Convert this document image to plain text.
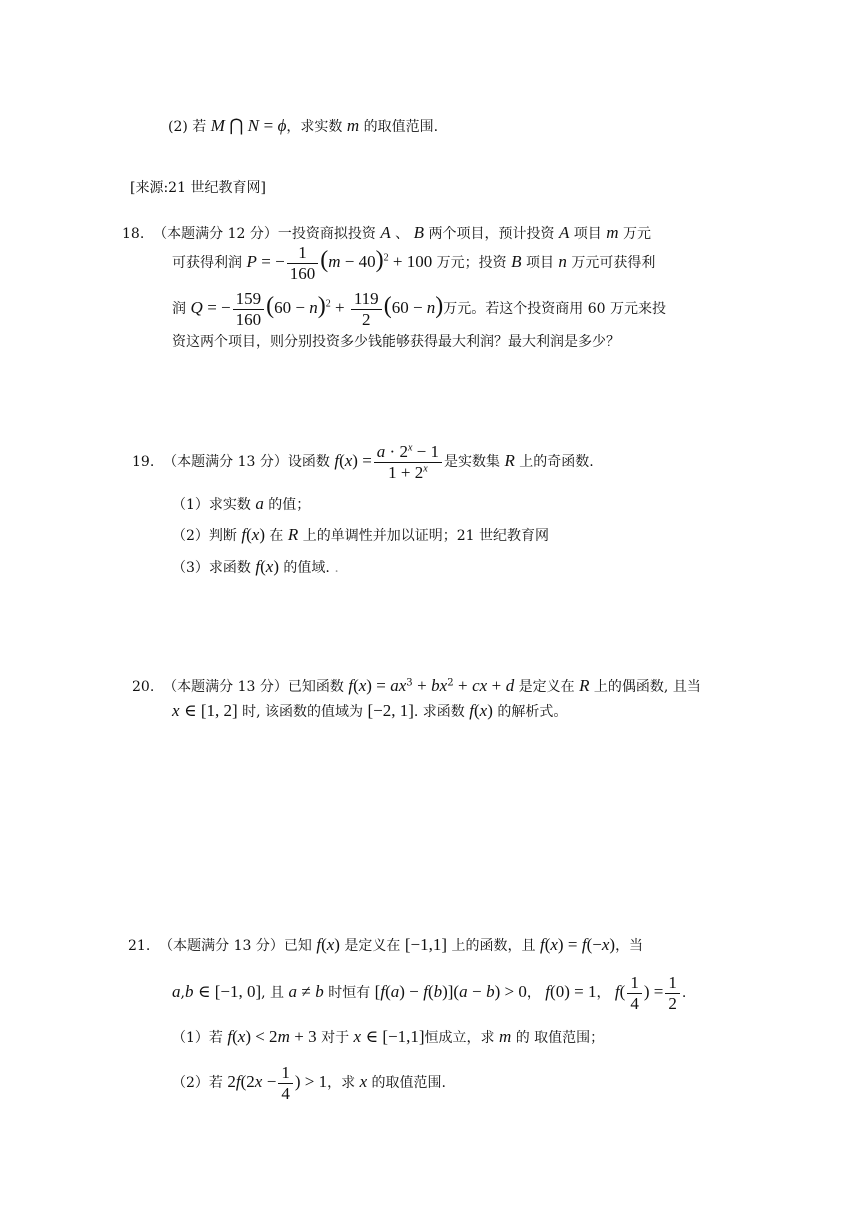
(2) 若 M ⋂ N = ϕ，求实数 m 的取值范围.
[来源:21 世纪教育网]
18. （本题满分 12 分）一投资商拟投资 A 、 B 两个项目，预计投资 A 项目 m 万元
可获得利润 P = − $\frac{1}{160} (m - 40)^2 + 100$ 万元；投资 B 项目 n 万元可获得利
润 Q = − $\frac{159}{160} (60 - n)^2 + \frac{119}{2} (60 - n)$万元。若这个投资商用 60 万元来投
资这两个项目，则分别投资多少钱能够获得最大利润？最大利润是多少？
19. （本题满分 13 分）设函数 $f(x) = \frac{a \cdot 2^x - 1}{1 + 2^x}$ 是实数集 R 上的奇函数.
（1）求实数 a 的值；
（2）判断 f(x) 在 R 上的单调性并加以证明；21 世纪教育网
（3）求函数 f(x) 的值域. .
20. （本题满分 13 分）已知函数 $f(x) = ax^3 + bx^2$ + cx + d 是定义在 R 上的偶函数, 且当
x ∈ [1, 2] 时, 该函数的值域为 [−2, 1]. 求函数 f(x) 的解析式。
21. （本题满分 13 分）已知 f(x) 是定义在 [−1,1] 上的函数，且 f(x) = f(−x)，当
a,b ∈ [−1, 0], 且 a ≠ b 时恒有 [f(a) − f(b)](a − b) > 0， f(0) = 1， $f( \frac{1}{4}$ ) = $\frac{1}{2}$ .
（1）若 f(x) < 2m + 3 对于 x ∈ [−1,1]恒成立，求 m 的 取值范围；
（2）若 $2f(2x - \frac{1}{4}$ ) > 1，求 x 的取值范围.
